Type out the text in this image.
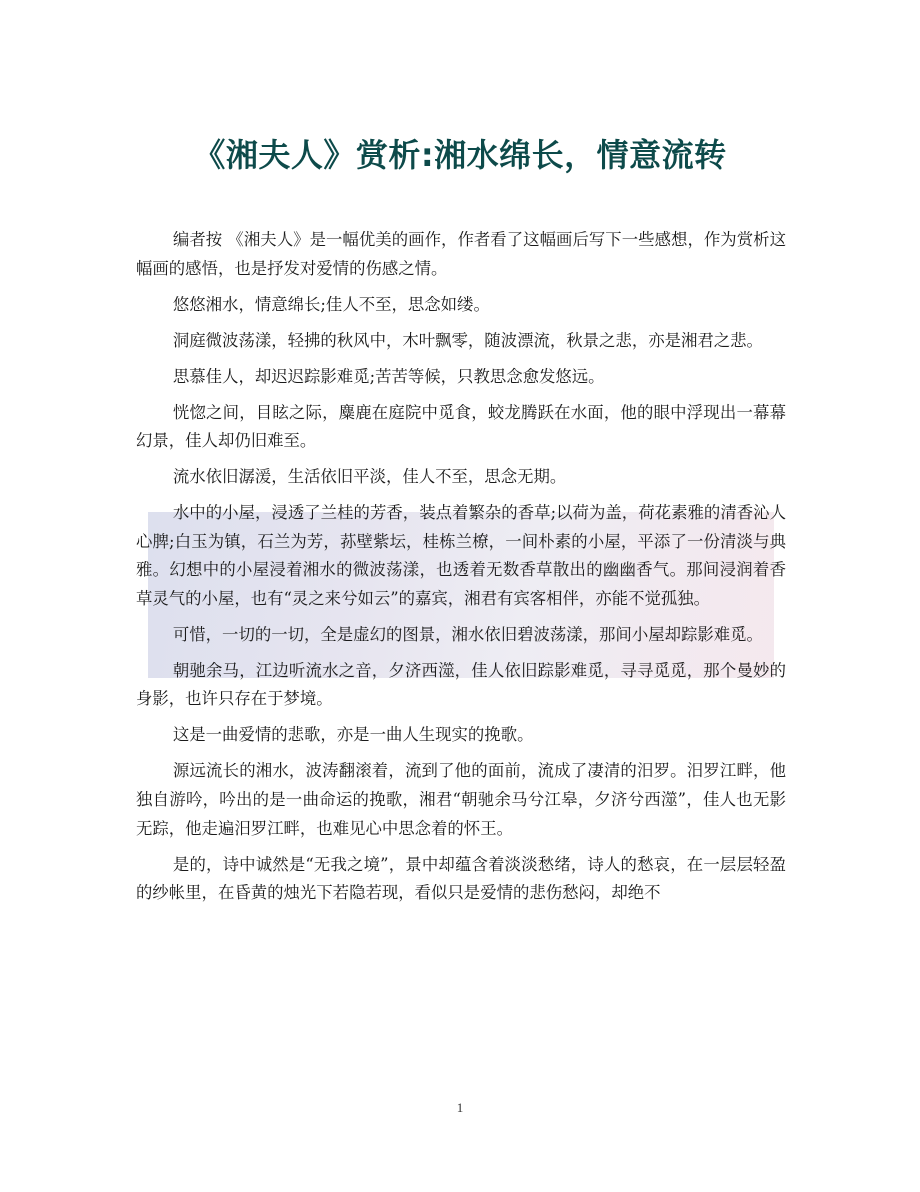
《湘夫人》赏析:湘水绵长，情意流转

编者按 《湘夫人》是一幅优美的画作，作者看了这幅画后写下一些感想，作为赏析这幅画的感悟，也是抒发对爱情的伤感之情。

悠悠湘水，情意绵长;佳人不至，思念如缕。

洞庭微波荡漾，轻拂的秋风中，木叶飘零，随波漂流，秋景之悲，亦是湘君之悲。

思慕佳人，却迟迟踪影难觅;苦苦等候，只教思念愈发悠远。

恍惚之间，目眩之际，麋鹿在庭院中觅食，蛟龙腾跃在水面，他的眼中浮现出一幕幕幻景，佳人却仍旧难至。

流水依旧潺湲，生活依旧平淡，佳人不至，思念无期。

水中的小屋，浸透了兰桂的芳香，装点着繁杂的香草;以荷为盖，荷花素雅的清香沁人心脾;白玉为镇，石兰为芳，荪壁紫坛，桂栋兰橑，一间朴素的小屋，平添了一份清淡与典雅。幻想中的小屋浸着湘水的微波荡漾，也透着无数香草散出的幽幽香气。那间浸润着香草灵气的小屋，也有“灵之来兮如云”的嘉宾，湘君有宾客相伴，亦能不觉孤独。

可惜，一切的一切，全是虚幻的图景，湘水依旧碧波荡漾，那间小屋却踪影难觅。

朝驰余马，江边听流水之音，夕济西澨，佳人依旧踪影难觅，寻寻觅觅，那个曼妙的身影，也许只存在于梦境。

这是一曲爱情的悲歌，亦是一曲人生现实的挽歌。

源远流长的湘水，波涛翻滚着，流到了他的面前，流成了凄清的汨罗。汨罗江畔，他独自游吟，吟出的是一曲命运的挽歌，湘君“朝驰余马兮江皋，夕济兮西澨”，佳人也无影无踪，他走遍汨罗江畔，也难见心中思念着的怀王。

是的，诗中诚然是“无我之境”，景中却蕴含着淡淡愁绪，诗人的愁哀，在一层层轻盈的纱帐里，在昏黄的烛光下若隐若现，看似只是爱情的悲伤愁闷，却绝不

1
